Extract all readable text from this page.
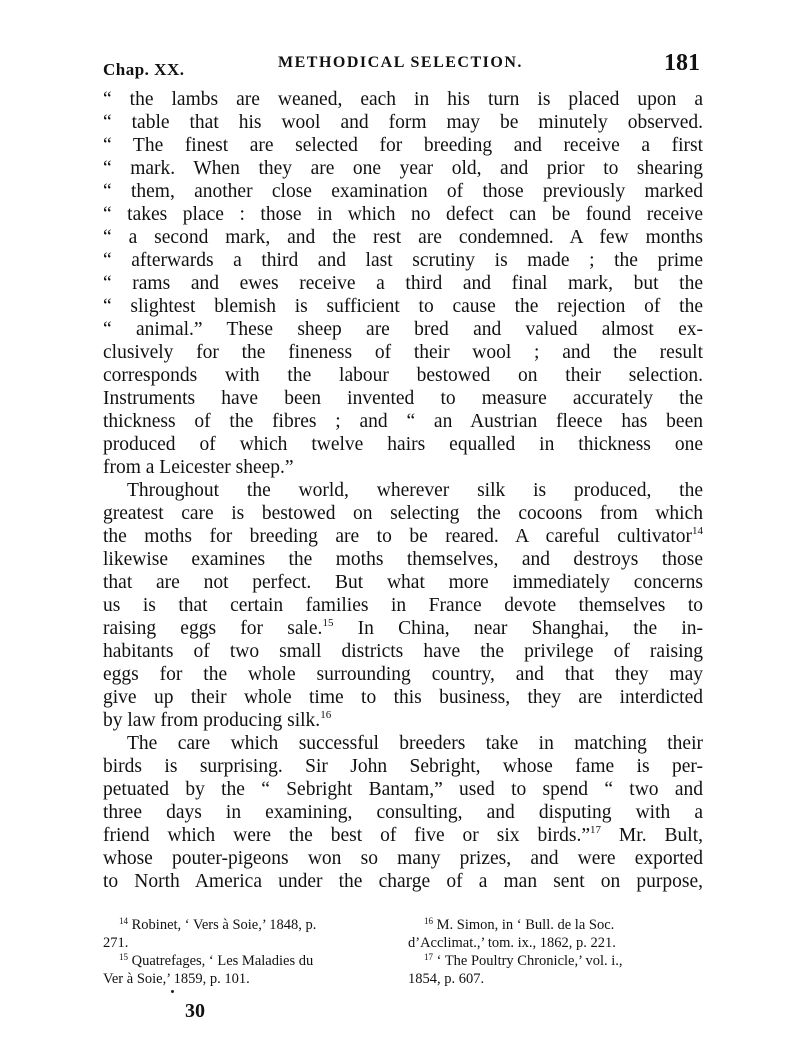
Chap. XX.	METHODICAL SELECTION.	181
“ the lambs are weaned, each in his turn is placed upon a
“ table that his wool and form may be minutely observed.
“ The finest are selected for breeding and receive a first
“ mark. When they are one year old, and prior to shearing
“ them, another close examination of those previously marked
“ takes place : those in which no defect can be found receive
“ a second mark, and the rest are condemned. A few months
“ afterwards a third and last scrutiny is made ; the prime
“ rams and ewes receive a third and final mark, but the
“ slightest blemish is sufficient to cause the rejection of the
“ animal.” These sheep are bred and valued almost ex-
clusively for the fineness of their wool ; and the result
corresponds with the labour bestowed on their selection.
Instruments have been invented to measure accurately the
thickness of the fibres ; and “ an Austrian fleece has been
produced of which twelve hairs equalled in thickness one
from a Leicester sheep.”
Throughout the world, wherever silk is produced, the
greatest care is bestowed on selecting the cocoons from which
the moths for breeding are to be reared. A careful cultivator$^{14}$
likewise examines the moths themselves, and destroys those
that are not perfect. But what more immediately concerns
us is that certain families in France devote themselves to
raising eggs for sale.$^{15}$ In China, near Shanghai, the in-
habitants of two small districts have the privilege of raising
eggs for the whole surrounding country, and that they may
give up their whole time to this business, they are interdicted
by law from producing silk.$^{16}$
The care which successful breeders take in matching their
birds is surprising. Sir John Sebright, whose fame is per-
petuated by the “ Sebright Bantam,” used to spend “ two and
three days in examining, consulting, and disputing with a
friend which were the best of five or six birds.”$^{17}$ Mr. Bult,
whose pouter-pigeons won so many prizes, and were exported
to North America under the charge of a man sent on purpose,
$^{14}$ Robinet, ‘ Vers à Soie,’ 1848, p.
271.
$^{15}$ Quatrefages, ‘ Les Maladies du
Ver à Soie,’ 1859, p. 101.
$^{16}$ M. Simon, in ‘ Bull. de la Soc.
d’Acclimat.,’ tom. ix., 1862, p. 221.
$^{17}$ ‘ The Poultry Chronicle,’ vol. i.,
1854, p. 607.
30
